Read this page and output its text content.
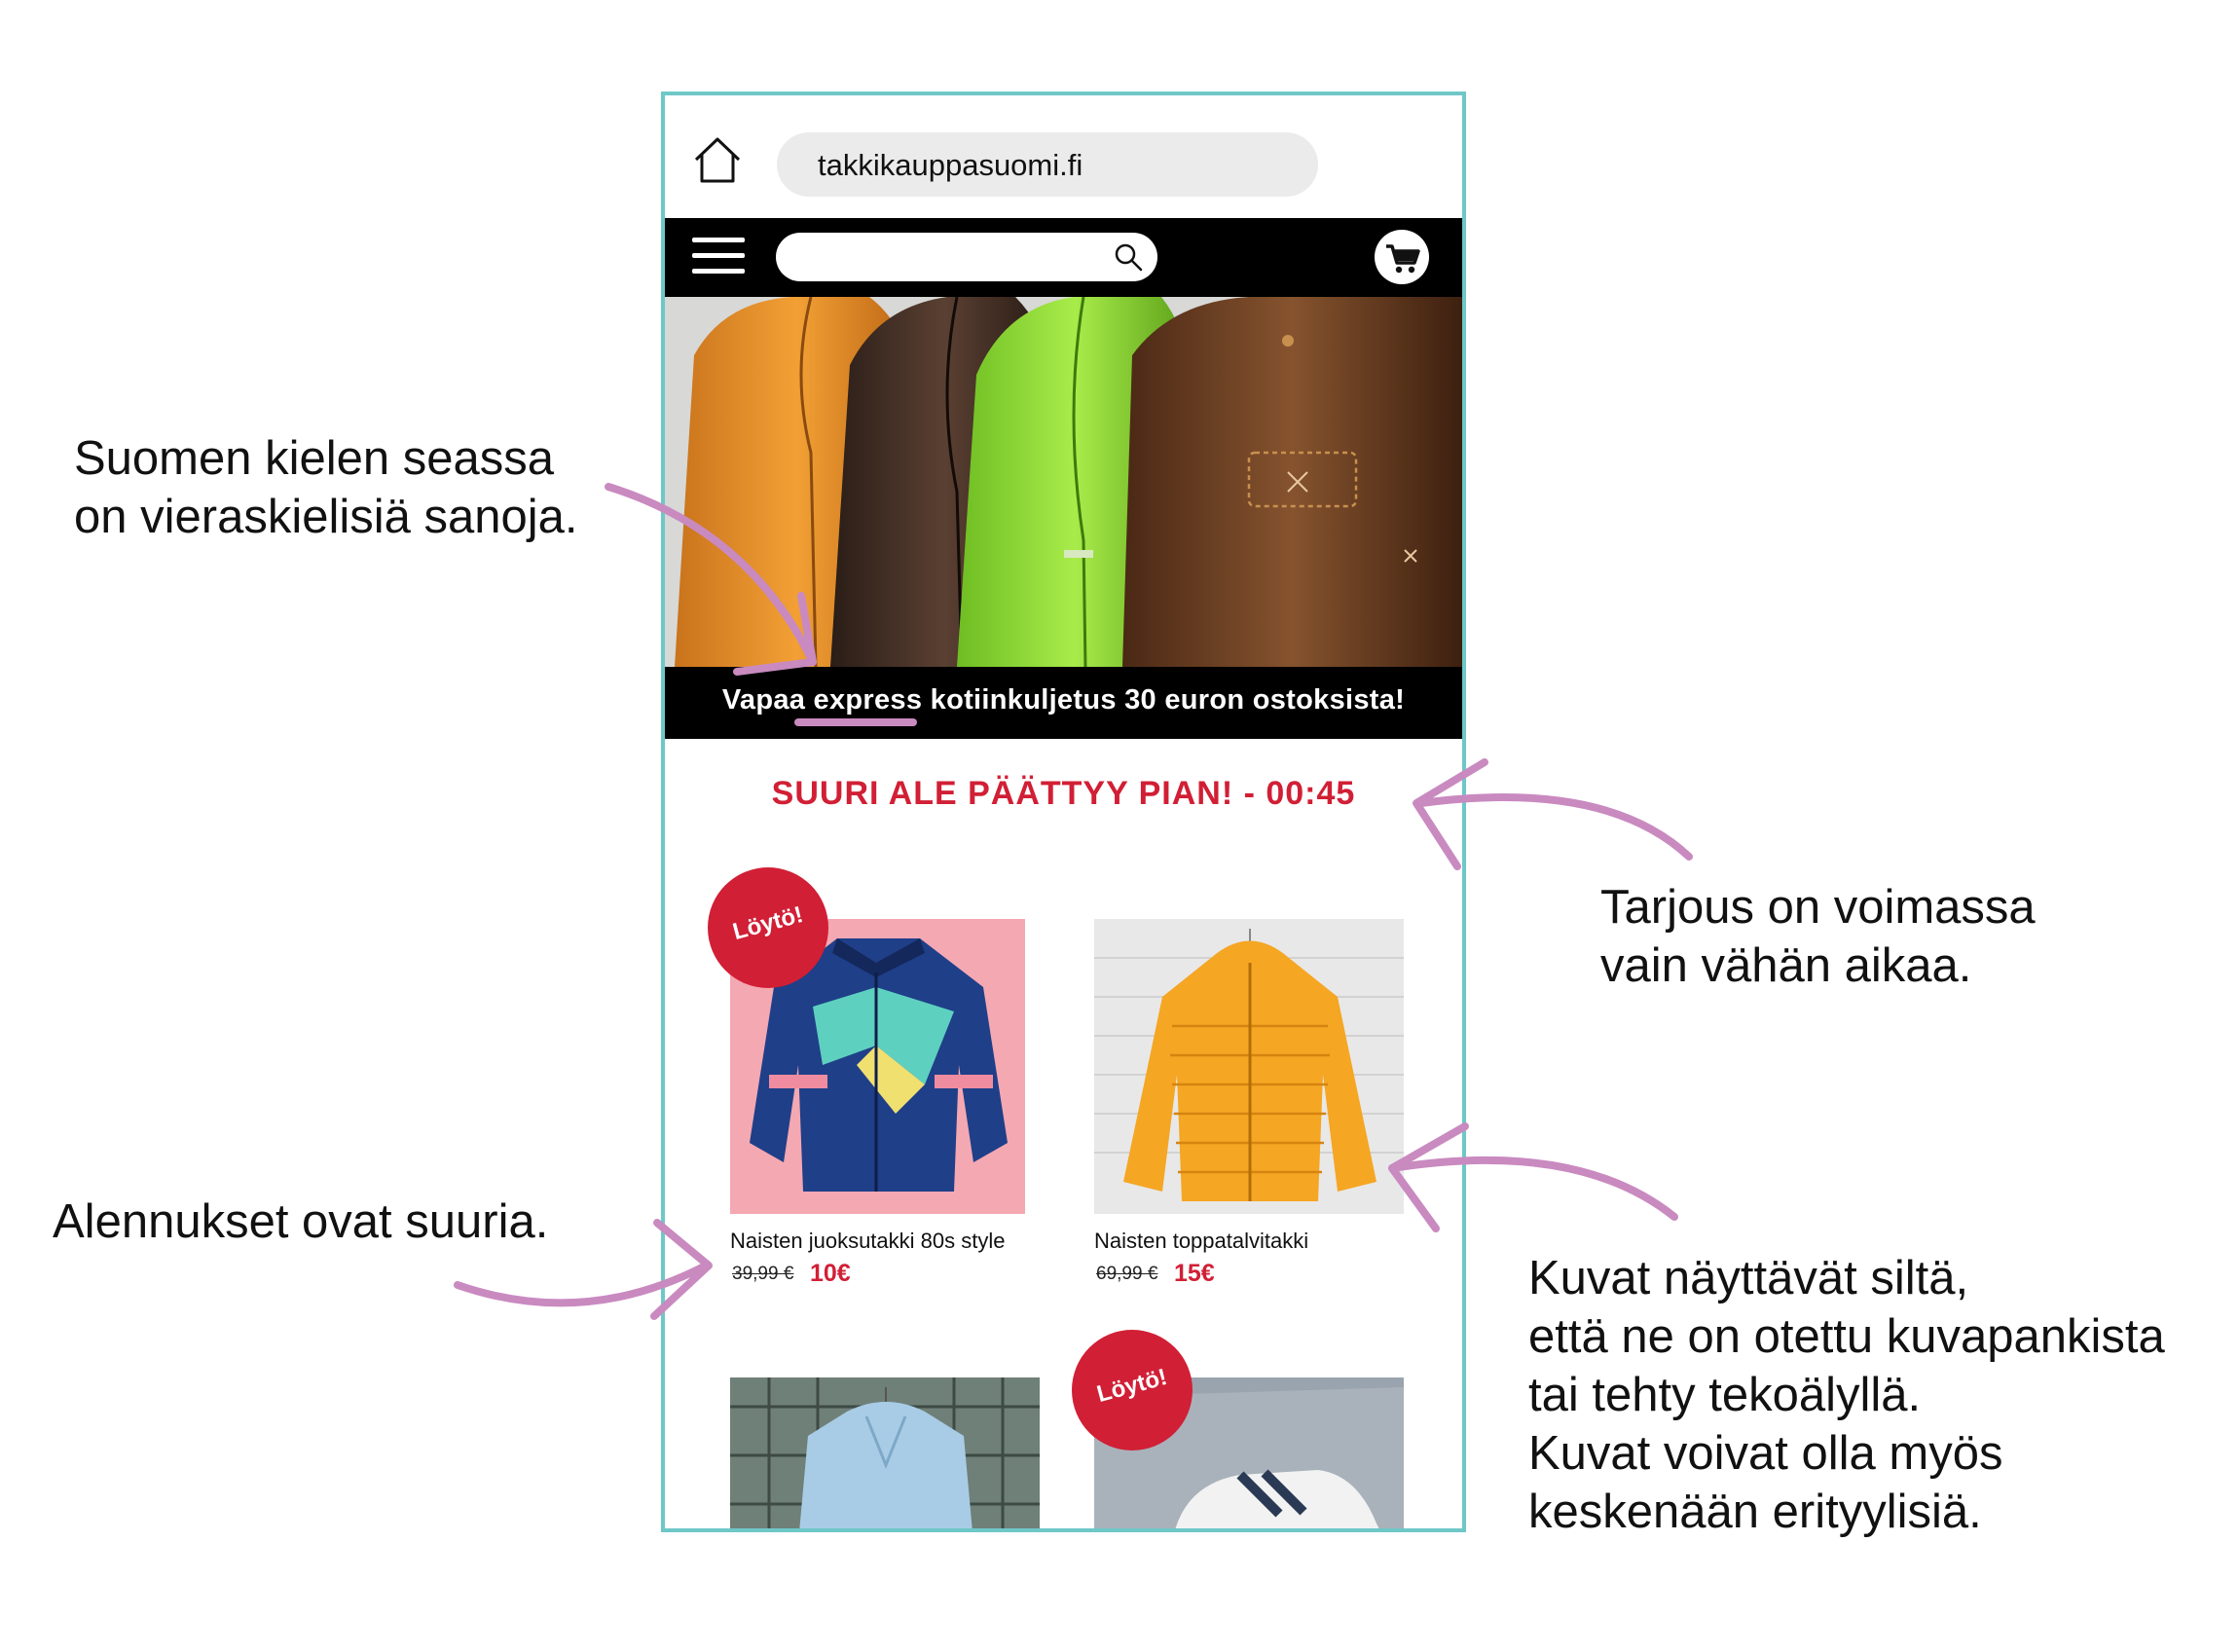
Suomen kielen seassa
on vieraskielisiä sanoja.
Tarjous on voimassa
vain vähän aikaa.
Alennukset ovat suuria.
Kuvat näyttävät siltä,
että ne on otettu kuvapankista
tai tehty tekoälyllä.
Kuvat voivat olla myös
keskenään erityylisiä.
takkikauppasuomi.fi
Vapaa express kotiinkuljetus 30 euron ostoksista!
SUURI ALE PÄÄTTYY PIAN! - 00:45
Naisten juoksutakki 80s style
39,99 € 10€
Löytö!
Naisten toppatalvitakki
69,99 € 15€
Löytö!
